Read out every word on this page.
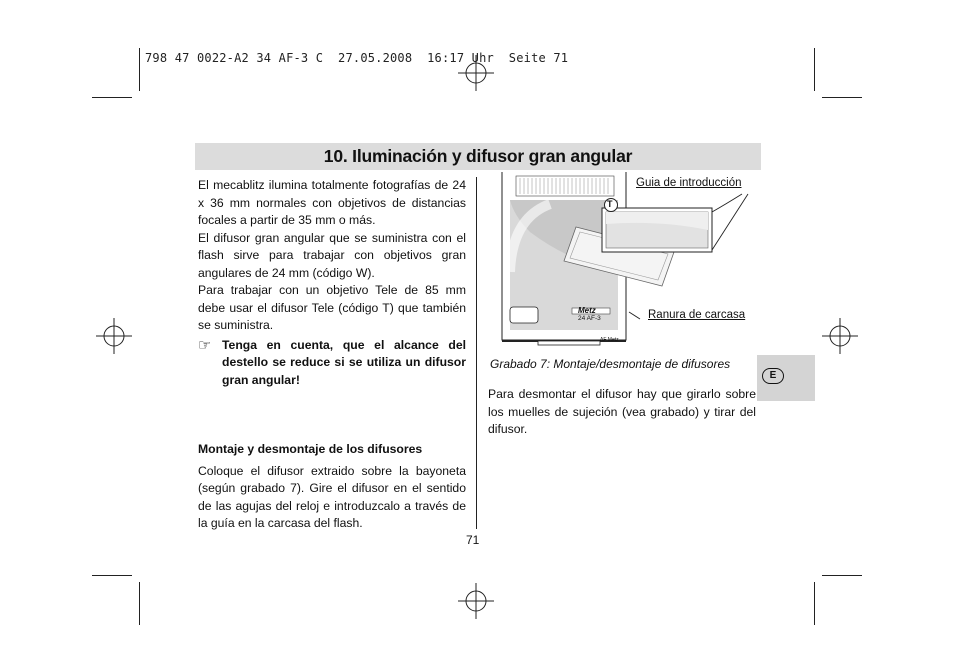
798 47 0022-A2 34 AF-3 C  27.05.2008  16:17 Uhr  Seite 71
10. Iluminación y difusor gran angular

El mecablitz ilumina totalmente fotografías de 24 x 36 mm normales con objetivos de distancias focales a partir de 35 mm o más.

El difusor gran angular que se suministra con el flash sirve para trabajar con objetivos gran angulares de 24 mm (código W).

Para trabajar con un objetivo Tele de 85 mm debe usar el difusor Tele (código T) que también se suministra.

☞ Tenga en cuenta, que el alcance del destello se reduce si se utiliza un difusor gran angular!

Montaje y desmontaje de los difusores

Coloque el difusor extraido sobre la bayoneta (según grabado 7). Gire el difusor en el sentido de las agujas del reloj e introduzcalo a través de la guía en la carcasa del flash.

71
Guia de introducción
Ranura de carcasa
T
Metz
24 AF-3
AF Metz
Grabado 7: Montaje/desmontaje de difusores

Para desmontar el difusor hay que girarlo sobre los muelles de sujeción (vea grabado) y tirar del difusor.

E
